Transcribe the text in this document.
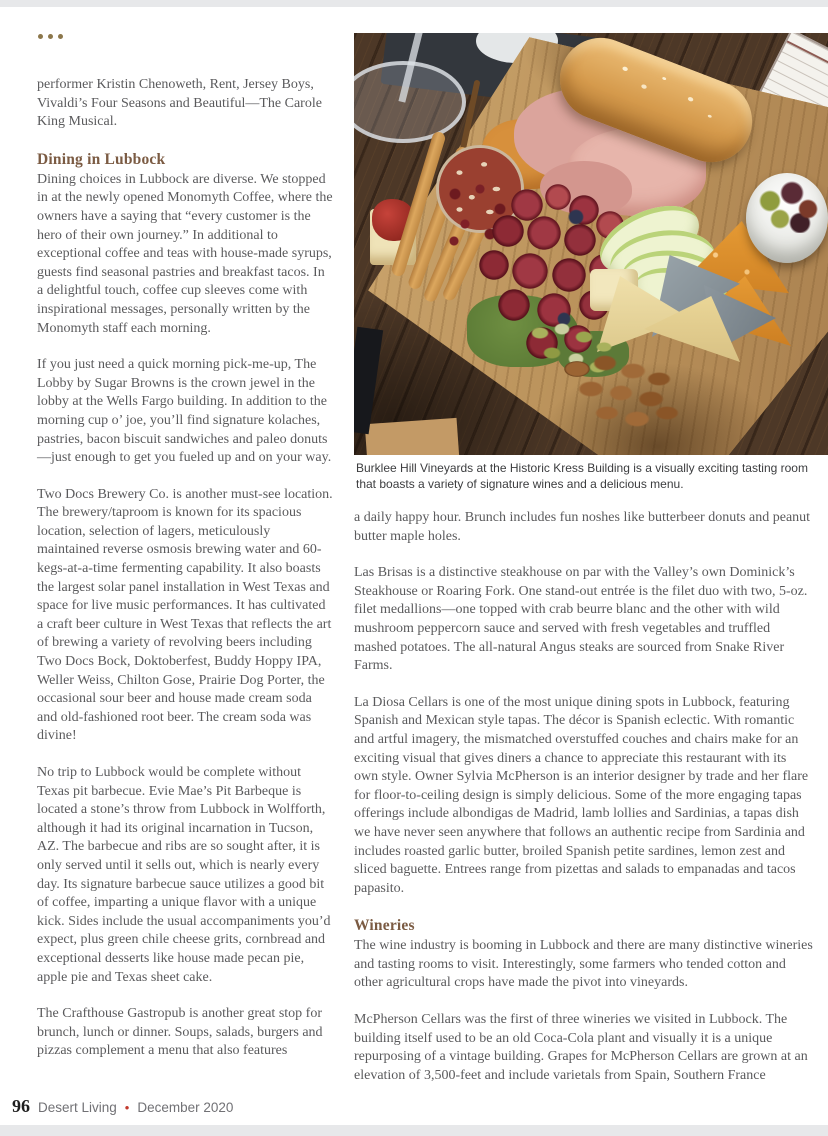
performer Kristin Chenoweth, Rent, Jersey Boys, Vivaldi’s Four Seasons and Beautiful—The Carole King Musical.

Dining in Lubbock

Dining choices in Lubbock are diverse. We stopped in at the newly opened Monomyth Coffee, where the owners have a saying that “every customer is the hero of their own journey.” In additional to exceptional coffee and teas with house-made syrups, guests find seasonal pastries and breakfast tacos. In a delightful touch, coffee cup sleeves come with inspirational messages, personally written by the Monomyth staff each morning.

If you just need a quick morning pick-me-up, The Lobby by Sugar Browns is the crown jewel in the lobby at the Wells Fargo building. In addition to the morning cup o’ joe, you’ll find signature kolaches, pastries, bacon biscuit sandwiches and paleo donuts—just enough to get you fueled up and on your way.

Two Docs Brewery Co. is another must-see location. The brewery/taproom is known for its spacious location, selection of lagers, meticulously maintained reverse osmosis brewing water and 60-kegs-at-a-time fermenting capability. It also boasts the largest solar panel installation in West Texas and space for live music performances. It has cultivated a craft beer culture in West Texas that reflects the art of brewing a variety of revolving beers including Two Docs Bock, Doktoberfest, Buddy Hoppy IPA, Weller Weiss, Chilton Gose, Prairie Dog Porter, the occasional sour beer and house made cream soda and old-fashioned root beer. The cream soda was divine!

No trip to Lubbock would be complete without Texas pit barbecue. Evie Mae’s Pit Barbeque is located a stone’s throw from Lubbock in Wolfforth, although it had its original incarnation in Tucson, AZ. The barbecue and ribs are so sought after, it is only served until it sells out, which is nearly every day. Its signature barbecue sauce utilizes a good bit of coffee, imparting a unique flavor with a unique kick. Sides include the usual accompaniments you’d expect, plus green chile cheese grits, cornbread and exceptional desserts like house made pecan pie, apple pie and Texas sheet cake.

The Crafthouse Gastropub is another great stop for brunch, lunch or dinner. Soups, salads, burgers and pizzas complement a menu that also features

Burklee Hill Vineyards at the Historic Kress Building is a visually exciting tasting room that boasts a variety of signature wines and a delicious menu.

a daily happy hour. Brunch includes fun noshes like butterbeer donuts and peanut butter maple holes.

Las Brisas is a distinctive steakhouse on par with the Valley’s own Dominick’s Steakhouse or Roaring Fork. One stand-out entrée is the filet duo with two, 5-oz. filet medallions—one topped with crab beurre blanc and the other with wild mushroom peppercorn sauce and served with fresh vegetables and truffled mashed potatoes. The all-natural Angus steaks are sourced from Snake River Farms.

La Diosa Cellars is one of the most unique dining spots in Lubbock, featuring Spanish and Mexican style tapas. The décor is Spanish eclectic. With romantic and artful imagery, the mismatched overstuffed couches and chairs make for an exciting visual that gives diners a chance to appreciate this restaurant with its own style. Owner Sylvia McPherson is an interior designer by trade and her flare for floor-to-ceiling design is simply delicious. Some of the more engaging tapas offerings include albondigas de Madrid, lamb lollies and Sardinias, a tapas dish we have never seen anywhere that follows an authentic recipe from Sardinia and includes roasted garlic butter, broiled Spanish petite sardines, lemon zest and sliced baguette. Entrees range from pizettas and salads to empanadas and tacos papasito.

Wineries

The wine industry is booming in Lubbock and there are many distinctive wineries and tasting rooms to visit. Interestingly, some farmers who tended cotton and other agricultural crops have made the pivot into vineyards.

McPherson Cellars was the first of three wineries we visited in Lubbock. The building itself used to be an old Coca-Cola plant and visually it is a unique repurposing of a vintage building. Grapes for McPherson Cellars are grown at an elevation of 3,500-feet and include varietals from Spain, Southern France

96 Desert Living • December 2020
